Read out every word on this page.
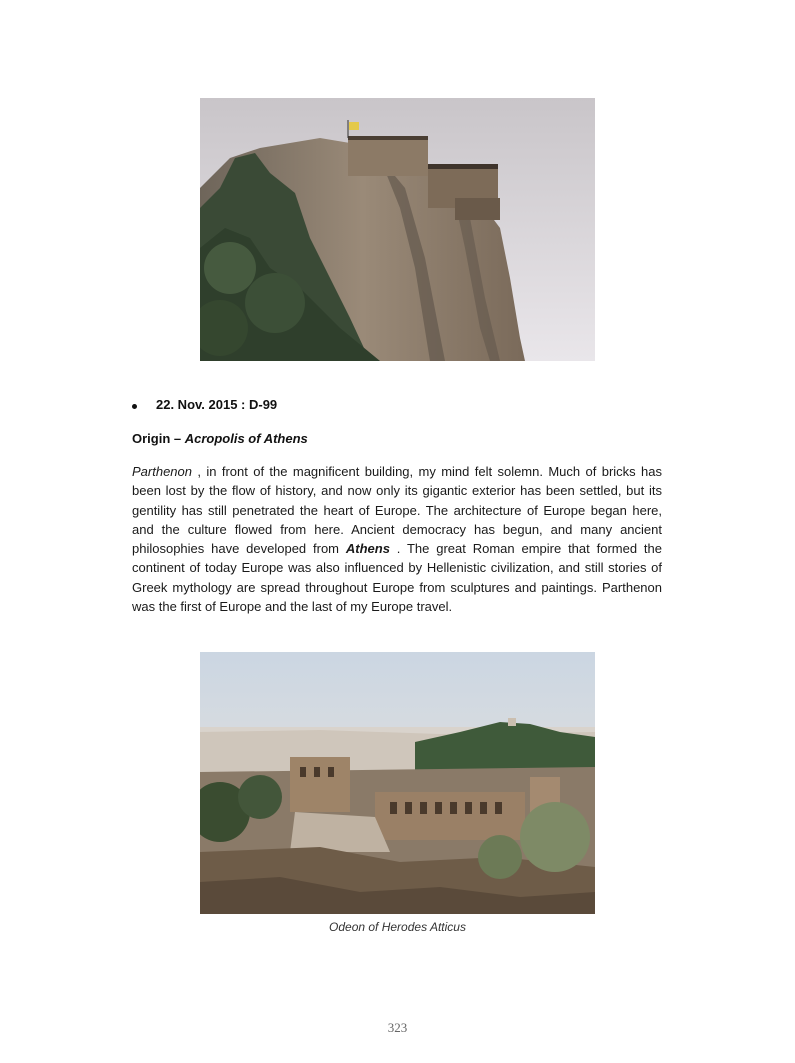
22. Nov. 2015 : D-99
Origin – Acropolis of Athens
Parthenon , in front of the magnificent building, my mind felt solemn. Much of bricks has been lost by the flow of history, and now only its gigantic exterior has been settled, but its gentility has still penetrated the heart of Europe. The architecture of Europe began here, and the culture flowed from here. Ancient democracy has begun, and many ancient philosophies have developed from Athens . The great Roman empire that formed the continent of today Europe was also influenced by Hellenistic civilization, and still stories of Greek mythology are spread throughout Europe from sculptures and paintings. Parthenon was the first of Europe and the last of my Europe travel.
Odeon of Herodes Atticus
323
